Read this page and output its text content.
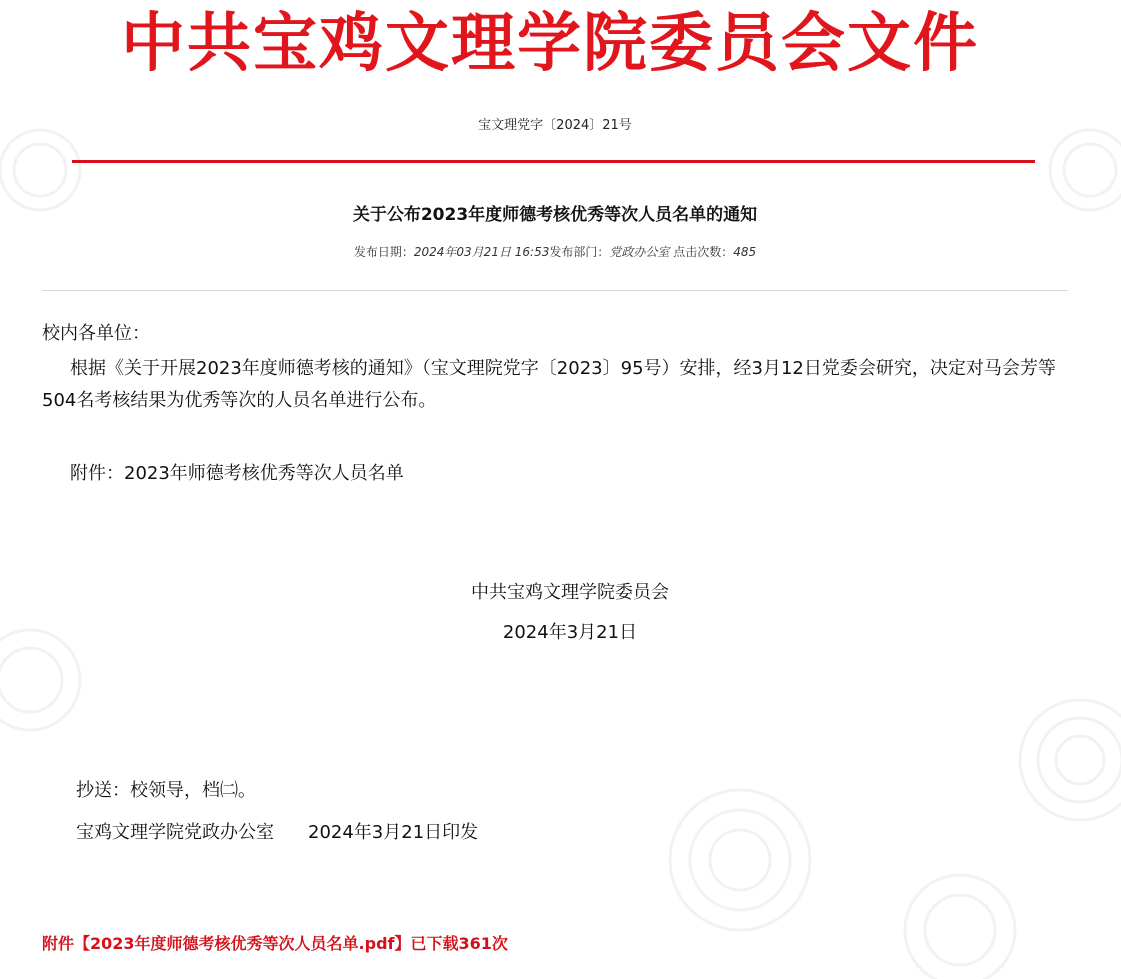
中共宝鸡文理学院委员会文件
宝文理党字〔2024〕21号
关于公布2023年度师德考核优秀等次人员名单的通知
发布日期：2024年03月21日 16:53发布部门：党政办公室 点击次数：485
校内各单位：
根据《关于开展2023年度师德考核的通知》（宝文理院党字〔2023〕95号）安排，经3月12日党委会研究，决定对马会芳等504名考核结果为优秀等次的人员名单进行公布。
附件：2023年师德考核优秀等次人员名单
中共宝鸡文理学院委员会
2024年3月21日
抄送：校领导，档㈡。
宝鸡文理学院党政办公室 2024年3月21日印发
附件【2023年度师德考核优秀等次人员名单.pdf】已下载361次
